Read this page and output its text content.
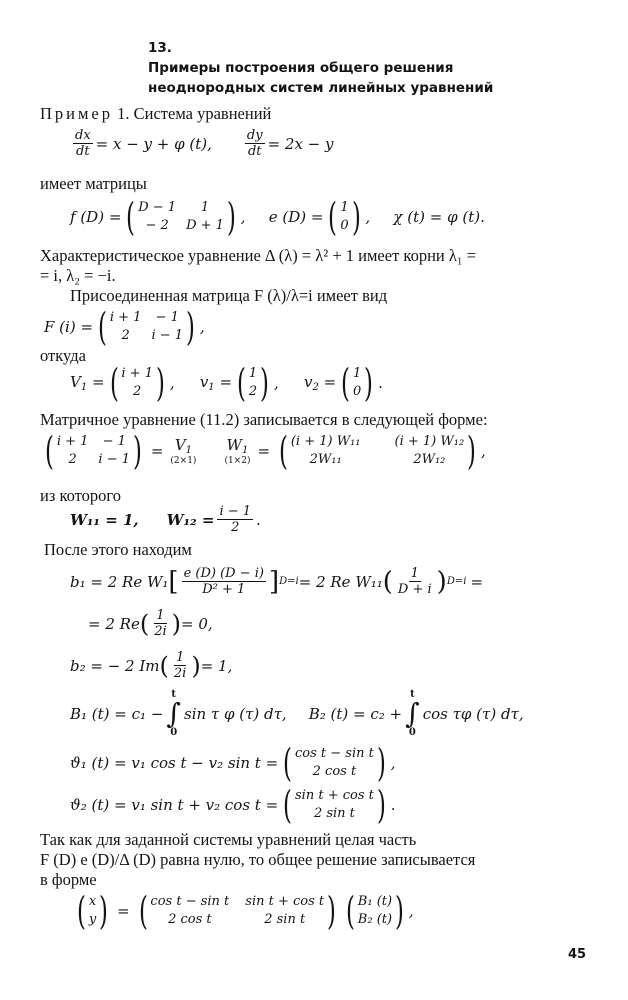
13.
Примеры построения общего решения
неоднородных систем линейных уравнений
Пример 1. Система уравнений
$\frac{dx}{dt} = x - y + \varphi$ (t),	$\frac{dy}{dt} = 2x - y$
имеет матрицы
f (D) = ( D − 1	1
− 2	D + 1 ) ,	e (D) = ( 1
0 ) ,	χ (t) = φ (t).
Характеристическое уравнение Δ (λ) = λ² + 1 имеет корни λ₁ =
= i, λ₂ = −i.
Присоединенная матрица F (λ)/λ=i имеет вид
F (i) = ( i + 1	− 1
2	i − 1 ) ,
откуда
$V_1$ = ( i + 1
2 ) ,	$v_1$ = ( 1
2 ) ,	$v_2$ = ( 1
0 ) .
Матричное уравнение (11.2) записывается в следующей форме:
( i + 1	− 1
2	i − 1 ) = $V_1$
(2×1)
$W_1$
(1×2)
= ( (i + 1) W₁₁	(i + 1) W₁₂
2W₁₁	2W₁₂ ) ,
из которого
W₁₁ = 1, $W_{12} = \frac{i - 1}{2}$ .
После этого находим
b₁ = 2 Re W₁ [ $\frac{e (D) (D - i)}{\text{D² + 1}}$ ] D=i = 2 Re W₁₁ ( $\frac{1}{D + i}$ ) D=i =
= 2 Re ( $\frac{1}{2i}$ ) = 0,
b₂ = − 2 Im ( $\frac{1}{2i}$ ) = 1,
B₁ (t) = c₁ −
t
∫
0
sin τ φ (τ) dτ, B₂ (t) = c₂ +
t
∫
0
cos τφ (τ) dτ,
ϑ₁ (t) = v₁ cos t − v₂ sin t = ( cos t − sin t
2 cos t ) ,
ϑ₂ (t) = v₁ sin t + v₂ cos t = ( sin t + cos t
2 sin t ) .
Так как для заданной системы уравнений целая часть
F (D) e (D)/Δ (D) равна нулю, то общее решение записывается
в форме
( x
y ) = ( cos t − sin t sin t + cos t
2 cos t	2 sin t ) ( B₁ (t)
B₂ (t) ) ,
45
